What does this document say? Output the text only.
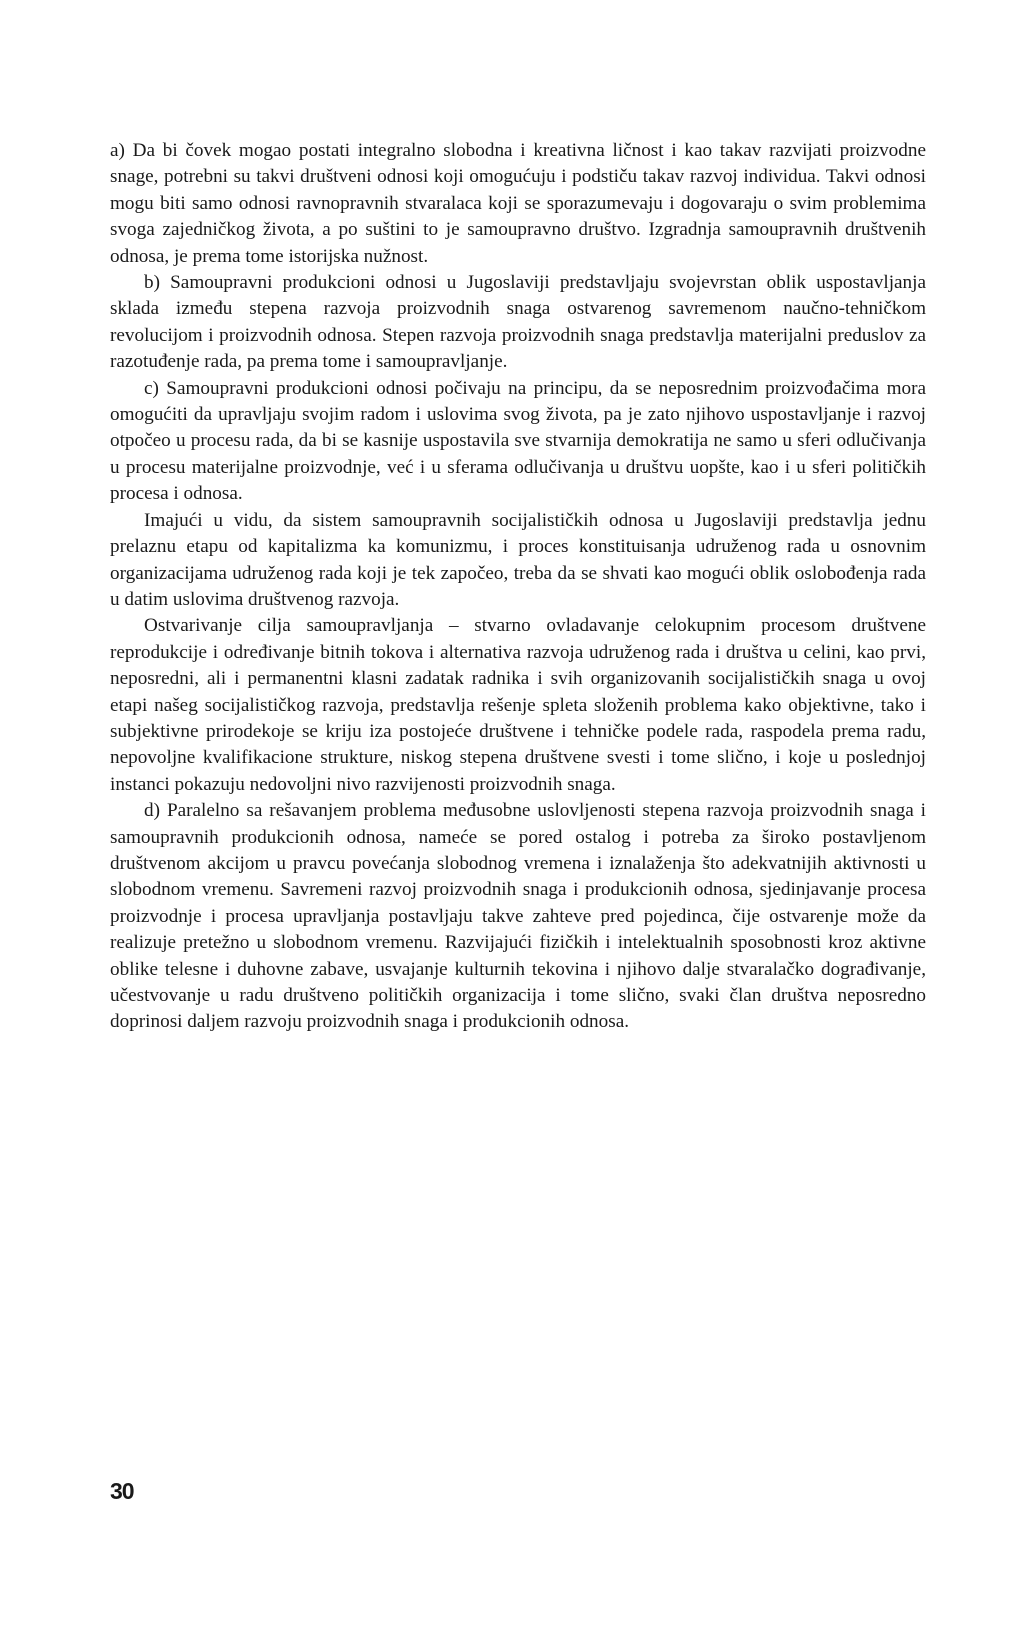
a) Da bi čovek mogao postati integralno slobodna i kreativna ličnost i kao takav razvijati proizvodne snage, potrebni su takvi društveni odnosi koji omogućuju i podstiču takav razvoj individua. Takvi odnosi mogu biti samo odnosi ravnopravnih stvaralaca koji se sporazumevaju i dogovaraju o svim problemima svoga zajedničkog života, a po suštini to je samoupravno društvo. Izgradnja samoupravnih društvenih odnosa, je prema tome istorijska nužnost.

b) Samoupravni produkcioni odnosi u Jugoslaviji predstavljaju svojevrstan oblik uspostavljanja sklada između stepena razvoja proizvodnih snaga ostvarenog savremenom naučno-tehničkom revolucijom i proizvodnih odnosa. Stepen razvoja proizvodnih snaga predstavlja materijalni preduslov za razotuđenje rada, pa prema tome i samoupravljanje.

c) Samoupravni produkcioni odnosi počivaju na principu, da se neposrednim proizvođačima mora omogućiti da upravljaju svojim radom i uslovima svog života, pa je zato njihovo uspostavljanje i razvoj otpočeo u procesu rada, da bi se kasnije uspostavila sve stvarnija demokratija ne samo u sferi odlučivanja u procesu materijalne proizvodnje, već i u sferama odlučivanja u društvu uopšte, kao i u sferi političkih procesa i odnosa.

Imajući u vidu, da sistem samoupravnih socijalističkih odnosa u Jugoslaviji predstavlja jednu prelaznu etapu od kapitalizma ka komunizmu, i proces konstituisanja udruženog rada u osnovnim organizacijama udruženog rada koji je tek započeo, treba da se shvati kao mogući oblik oslobođenja rada u datim uslovima društvenog razvoja.

Ostvarivanje cilja samoupravljanja – stvarno ovladavanje celokupnim procesom društvene reprodukcije i određivanje bitnih tokova i alternativa razvoja udruženog rada i društva u celini, kao prvi, neposredni, ali i permanentni klasni zadatak radnika i svih organizovanih socijalističkih snaga u ovoj etapi našeg socijalističkog razvoja, predstavlja rešenje spleta složenih problema kako objektivne, tako i subjektivne prirodekoje se kriju iza postojeće društvene i tehničke podele rada, raspodela prema radu, nepovoljne kvalifikacione strukture, niskog stepena društvene svesti i tome slično, i koje u poslednjoj instanci pokazuju nedovoljni nivo razvijenosti proizvodnih snaga.

d) Paralelno sa rešavanjem problema međusobne uslovljenosti stepena razvoja proizvodnih snaga i samoupravnih produkcionih odnosa, nameće se pored ostalog i potreba za široko postavljenom društvenom akcijom u pravcu povećanja slobodnog vremena i iznalaženja što adekvatnijih aktivnosti u slobodnom vremenu. Savremeni razvoj proizvodnih snaga i produkcionih odnosa, sjedinjavanje procesa proizvodnje i procesa upravljanja postavljaju takve zahteve pred pojedinca, čije ostvarenje može da realizuje pretežno u slobodnom vremenu. Razvijajući fizičkih i intelektualnih sposobnosti kroz aktivne oblike telesne i duhovne zabave, usvajanje kulturnih tekovina i njihovo dalje stvaralačko dograđivanje, učestvovanje u radu društveno političkih organizacija i tome slično, svaki član društva neposredno doprinosi daljem razvoju proizvodnih snaga i produkcionih odnosa.

30
